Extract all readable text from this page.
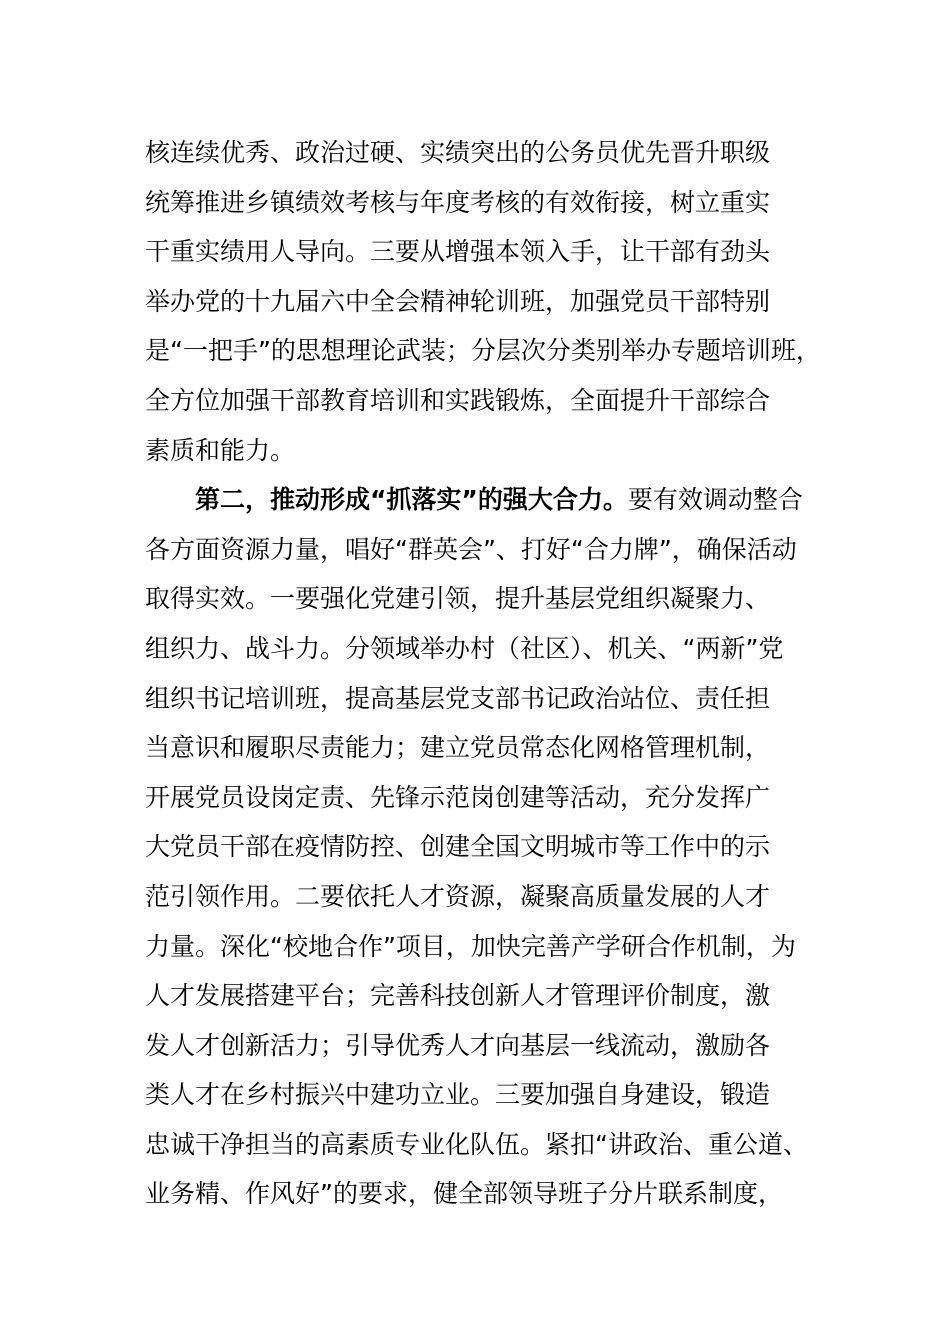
核连续优秀、政治过硬、实绩突出的公务员优先晋升职级
统筹推进乡镇绩效考核与年度考核的有效衔接，树立重实
干重实绩用人导向。三要从增强本领入手，让干部有劲头
举办党的十九届六中全会精神轮训班，加强党员干部特别
是“一把手”的思想理论武装；分层次分类别举办专题培训班，
全方位加强干部教育培训和实践锻炼，全面提升干部综合
素质和能力。
第二，推动形成“抓落实”的强大合力。要有效调动整合
各方面资源力量，唱好“群英会”、打好“合力牌”，确保活动
取得实效。一要强化党建引领，提升基层党组织凝聚力、
组织力、战斗力。分领域举办村（社区）、机关、“两新”党
组织书记培训班，提高基层党支部书记政治站位、责任担
当意识和履职尽责能力；建立党员常态化网格管理机制，
开展党员设岗定责、先锋示范岗创建等活动，充分发挥广
大党员干部在疫情防控、创建全国文明城市等工作中的示
范引领作用。二要依托人才资源，凝聚高质量发展的人才
力量。深化“校地合作”项目，加快完善产学研合作机制，为
人才发展搭建平台；完善科技创新人才管理评价制度，激
发人才创新活力；引导优秀人才向基层一线流动，激励各
类人才在乡村振兴中建功立业。三要加强自身建设，锻造
忠诚干净担当的高素质专业化队伍。紧扣“讲政治、重公道、
业务精、作风好”的要求，健全部领导班子分片联系制度，
